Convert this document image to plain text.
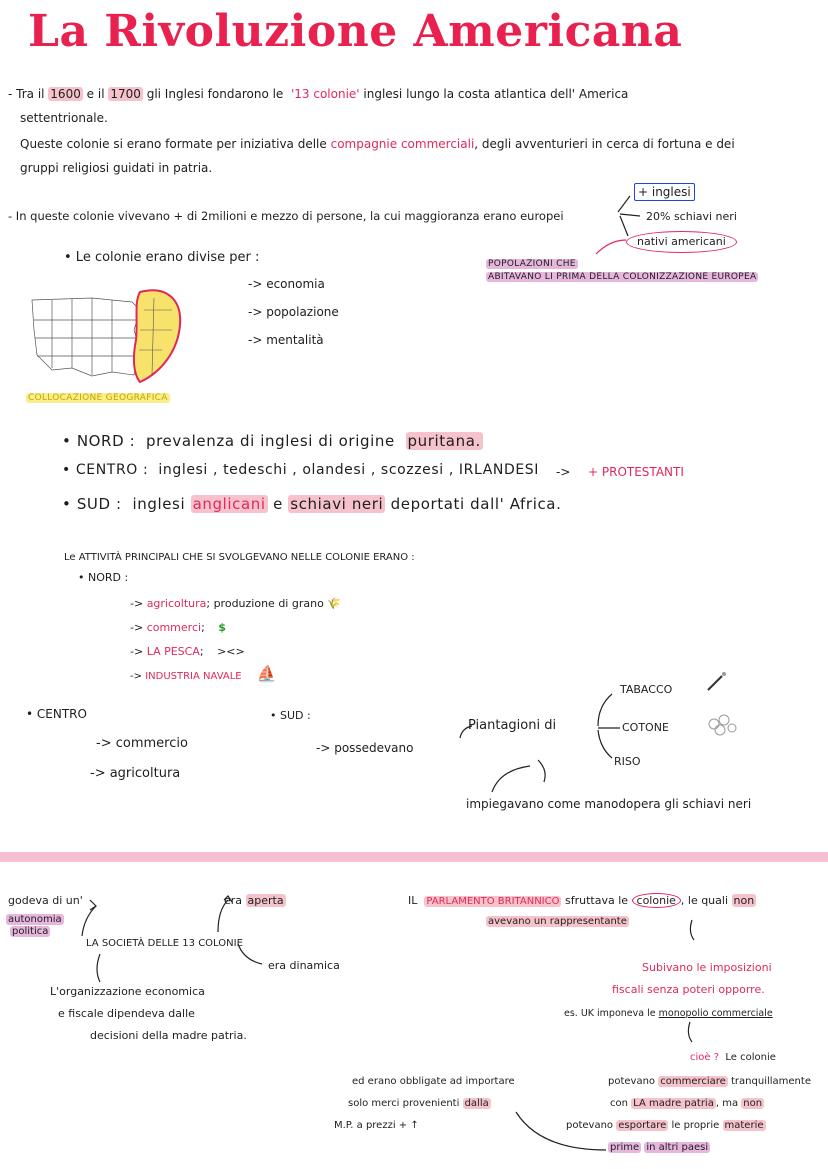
La Rivoluzione Americana
- Tra il 1600 e il 1700 gli Inglesi fondarono le  '13 colonie' inglesi lungo la costa atlantica dell' America
settentrionale.
Queste colonie si erano formate per iniziativa delle compagnie commerciali, degli avventurieri in cerca di fortuna e dei
gruppi religiosi guidati in patria.
- In queste colonie vivevano + di 2milioni e mezzo di persone, la cui maggioranza erano europei
+ inglesi
20% schiavi neri
nativi americani
POPOLAZIONI CHE
ABITAVANO LI PRIMA DELLA COLONIZZAZIONE EUROPEA
• Le colonie erano divise per :
-> economia
-> popolazione
-> mentalità
COLLOCAZIONE GEOGRAFICA
• NORD : prevalenza di inglesi di origine puritana.
• CENTRO : inglesi , tedeschi , olandesi , scozzesi , IRLANDESI -> + PROTESTANTI
• SUD : inglesi anglicani e schiavi neri deportati dall' Africa.
Le ATTIVITÀ PRINCIPALI CHE SI SVOLGEVANO NELLE COLONIE ERANO :
• NORD :
-> agricoltura; produzione di grano 🌾
-> commerci; $
-> LA PESCA; ><>
-> INDUSTRIA NAVALE ⛵
• CENTRO
-> commercio
-> agricoltura
• SUD :
-> possedevano
Piantagioni di
TABACCO
COTONE
RISO
impiegavano come manodopera gli schiavi neri
godeva di un'
autonomia
politica
LA SOCIETÀ DELLE 13 COLONIE
era aperta
era dinamica
L'organizzazione economica
e fiscale dipendeva dalle
decisioni della madre patria.
IL PARLAMENTO BRITANNICO sfruttava le colonie , le quali non
avevano un rappresentante
Subivano le imposizioni
fiscali senza poteri opporre.
es. UK imponeva le monopolio commerciale
cioè ? Le colonie
potevano commerciare tranquillamente
con LA madre patria , ma non
potevano esportare le proprie materie
prime in altri paesi
ed erano obbligate ad importare
solo merci provenienti dalla
M.P. a prezzi + ↑
